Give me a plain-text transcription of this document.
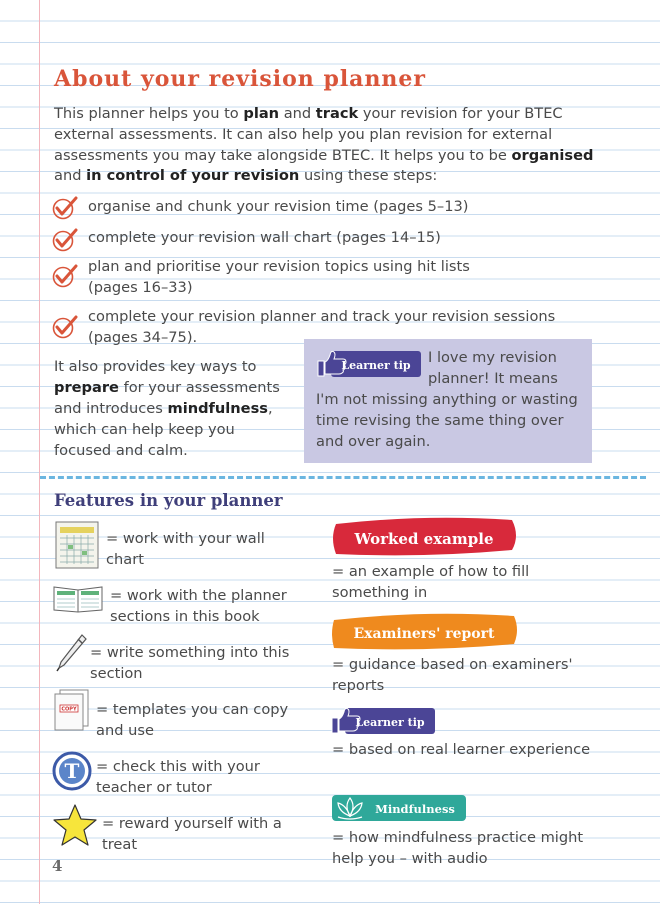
About your revision planner
This planner helps you to plan and track your revision for your BTEC external assessments. It can also help you plan revision for external assessments you may take alongside BTEC. It helps you to be organised and in control of your revision using these steps:
organise and chunk your revision time (pages 5–13)
complete your revision wall chart (pages 14–15)
plan and prioritise your revision topics using hit lists (pages 16–33)
complete your revision planner and track your revision sessions (pages 34–75).
It also provides key ways to prepare for your assessments and introduces mindfulness, which can help keep you focused and calm.
Learner tip I love my revision planner! It means
I'm not missing anything or wasting time revising the same thing over and over again.
Features in your planner
= work with your wall chart
= work with the planner sections in this book
= write something into this section
COPY = templates you can copy and use
T = check this with your teacher or tutor
= reward yourself with a treat
Worked example
= an example of how to fill something in
Examiners' report
= guidance based on examiners' reports
Learner tip
= based on real learner experience
Mindfulness
= how mindfulness practice might help you – with audio
4
